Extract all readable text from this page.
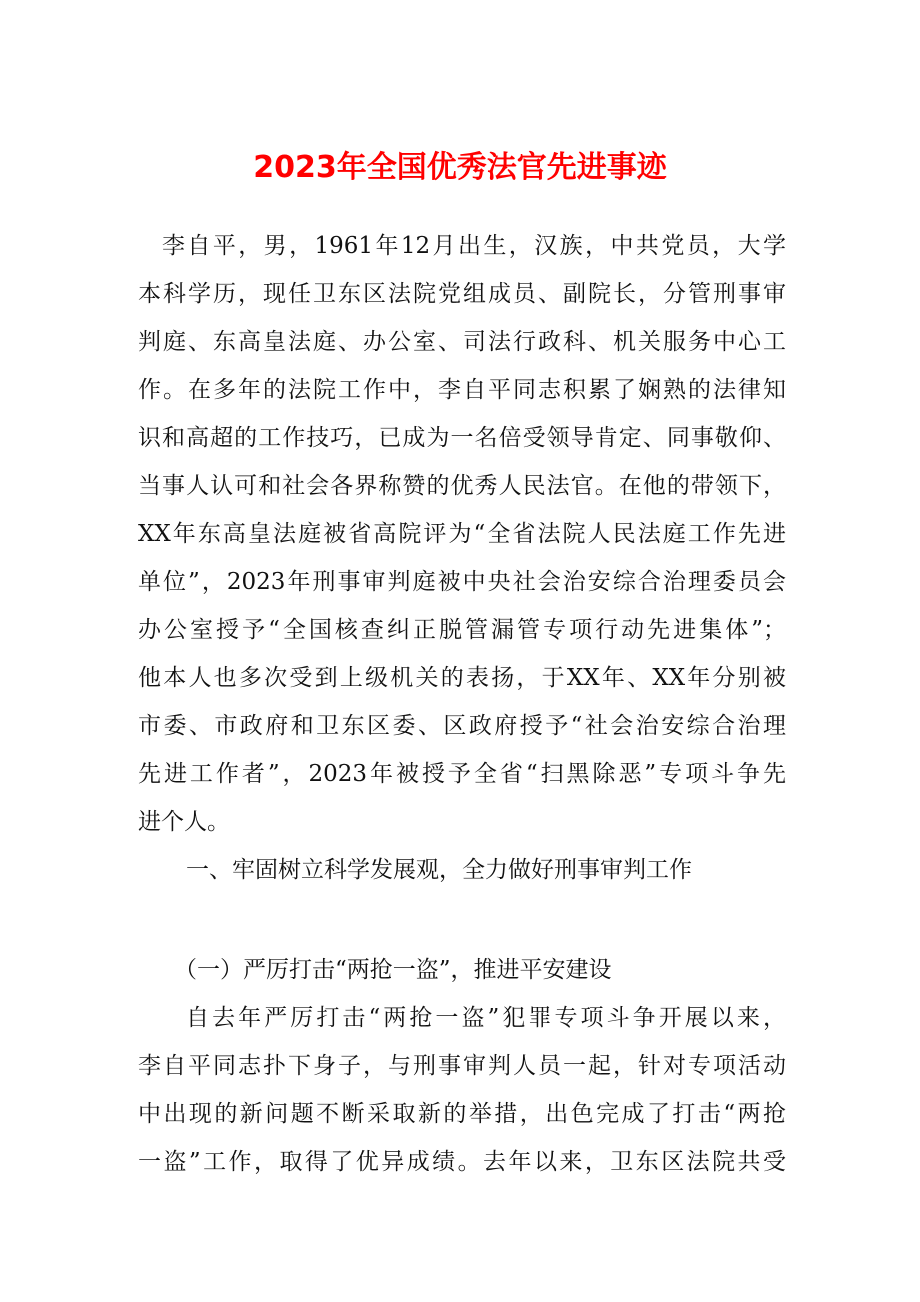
2023年全国优秀法官先进事迹
李自平，男，1961年12月出生，汉族，中共党员，大学
本科学历，现任卫东区法院党组成员、副院长，分管刑事审
判庭、东高皇法庭、办公室、司法行政科、机关服务中心工
作。在多年的法院工作中，李自平同志积累了娴熟的法律知
识和高超的工作技巧，已成为一名倍受领导肯定、同事敬仰、
当事人认可和社会各界称赞的优秀人民法官。在他的带领下，
XX年东高皇法庭被省高院评为“全省法院人民法庭工作先进
单位”，2023年刑事审判庭被中央社会治安综合治理委员会
办公室授予“全国核查纠正脱管漏管专项行动先进集体”；
他本人也多次受到上级机关的表扬，于XX年、XX年分别被
市委、市政府和卫东区委、区政府授予“社会治安综合治理
先进工作者”，2023年被授予全省“扫黑除恶”专项斗争先
进个人。
一、牢固树立科学发展观，全力做好刑事审判工作
（一）严厉打击“两抢一盗”，推进平安建设
自去年严厉打击“两抢一盗”犯罪专项斗争开展以来，
李自平同志扑下身子，与刑事审判人员一起，针对专项活动
中出现的新问题不断采取新的举措，出色完成了打击“两抢
一盗”工作，取得了优异成绩。去年以来，卫东区法院共受
